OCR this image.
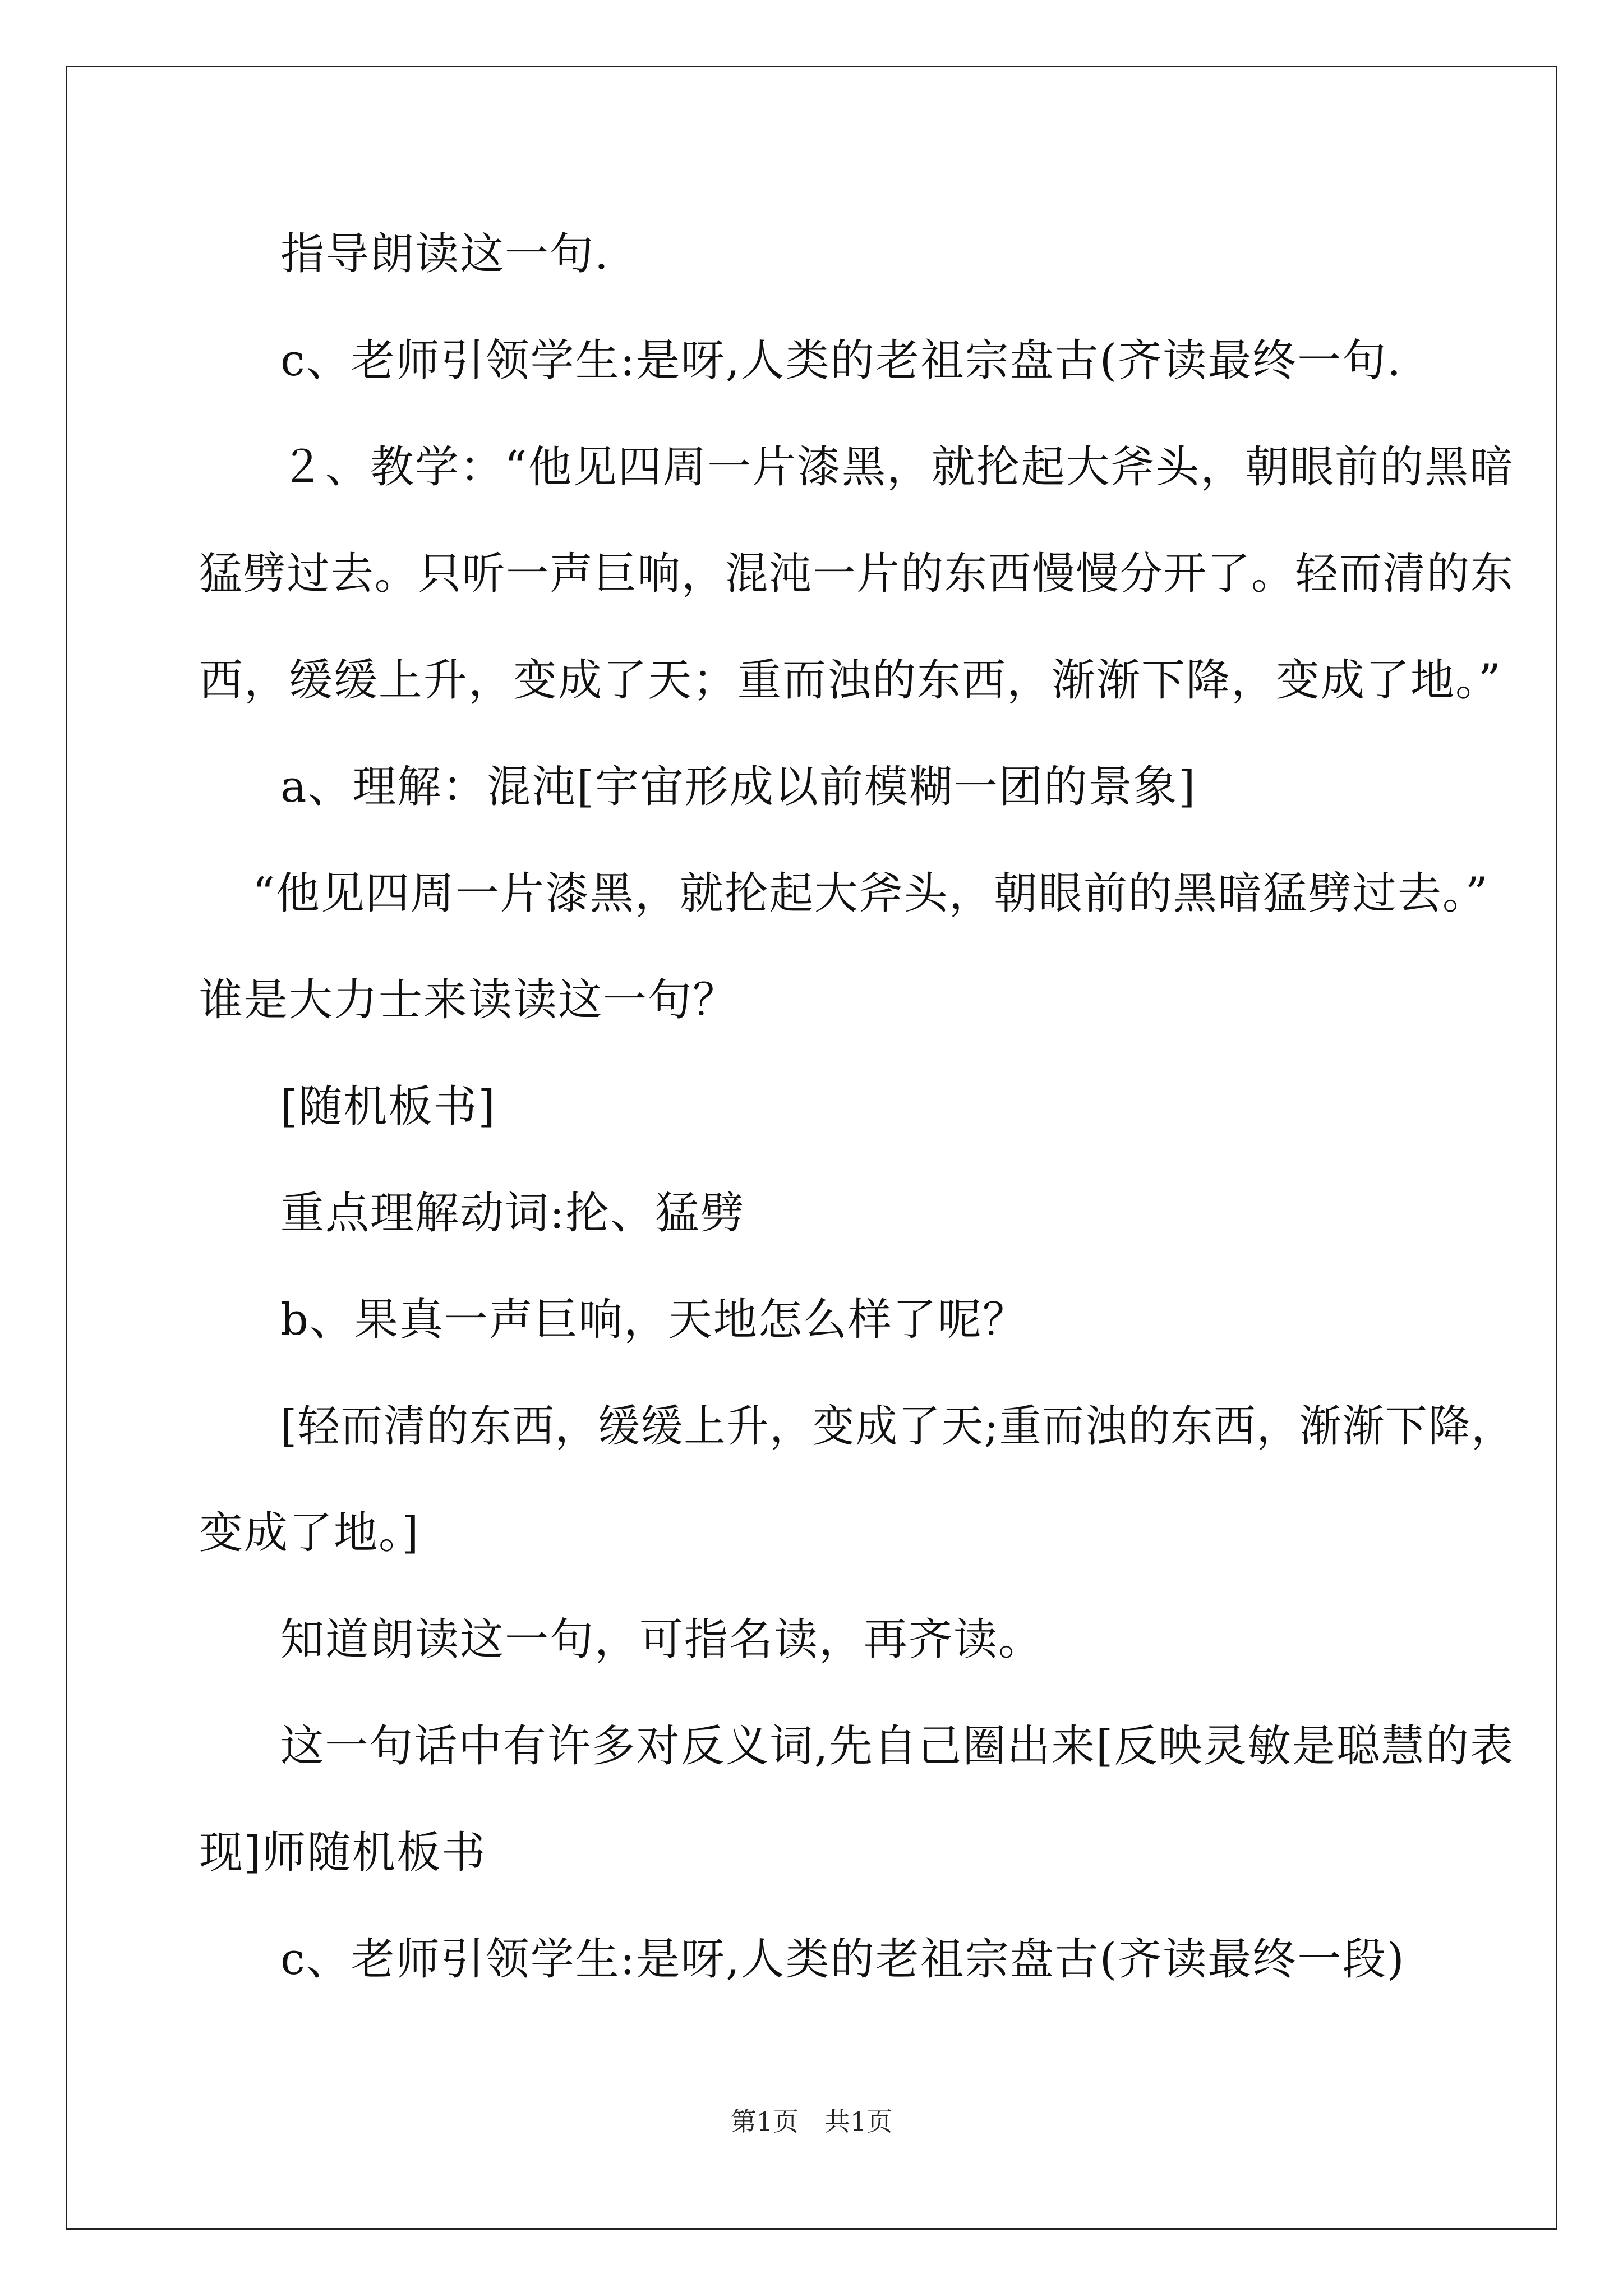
指导朗读这一句.
c、老师引领学生:是呀,人类的老祖宗盘古(齐读最终一句.
２、教学：“他见四周一片漆黑，就抡起大斧头，朝眼前的黑暗
猛劈过去。只听一声巨响，混沌一片的东西慢慢分开了。轻而清的东
西，缓缓上升，变成了天；重而浊的东西，渐渐下降，变成了地。”
a、理解：混沌[宇宙形成以前模糊一团的景象]
“他见四周一片漆黑，就抡起大斧头，朝眼前的黑暗猛劈过去。”
谁是大力士来读读这一句？
[随机板书]
重点理解动词:抡、猛劈
b、果真一声巨响，天地怎么样了呢？
[轻而清的东西，缓缓上升，变成了天;重而浊的东西，渐渐下降，
变成了地。]
知道朗读这一句，可指名读，再齐读。
这一句话中有许多对反义词,先自己圈出来[反映灵敏是聪慧的表
现]师随机板书
c、老师引领学生:是呀,人类的老祖宗盘古(齐读最终一段)
第1页　共1页
